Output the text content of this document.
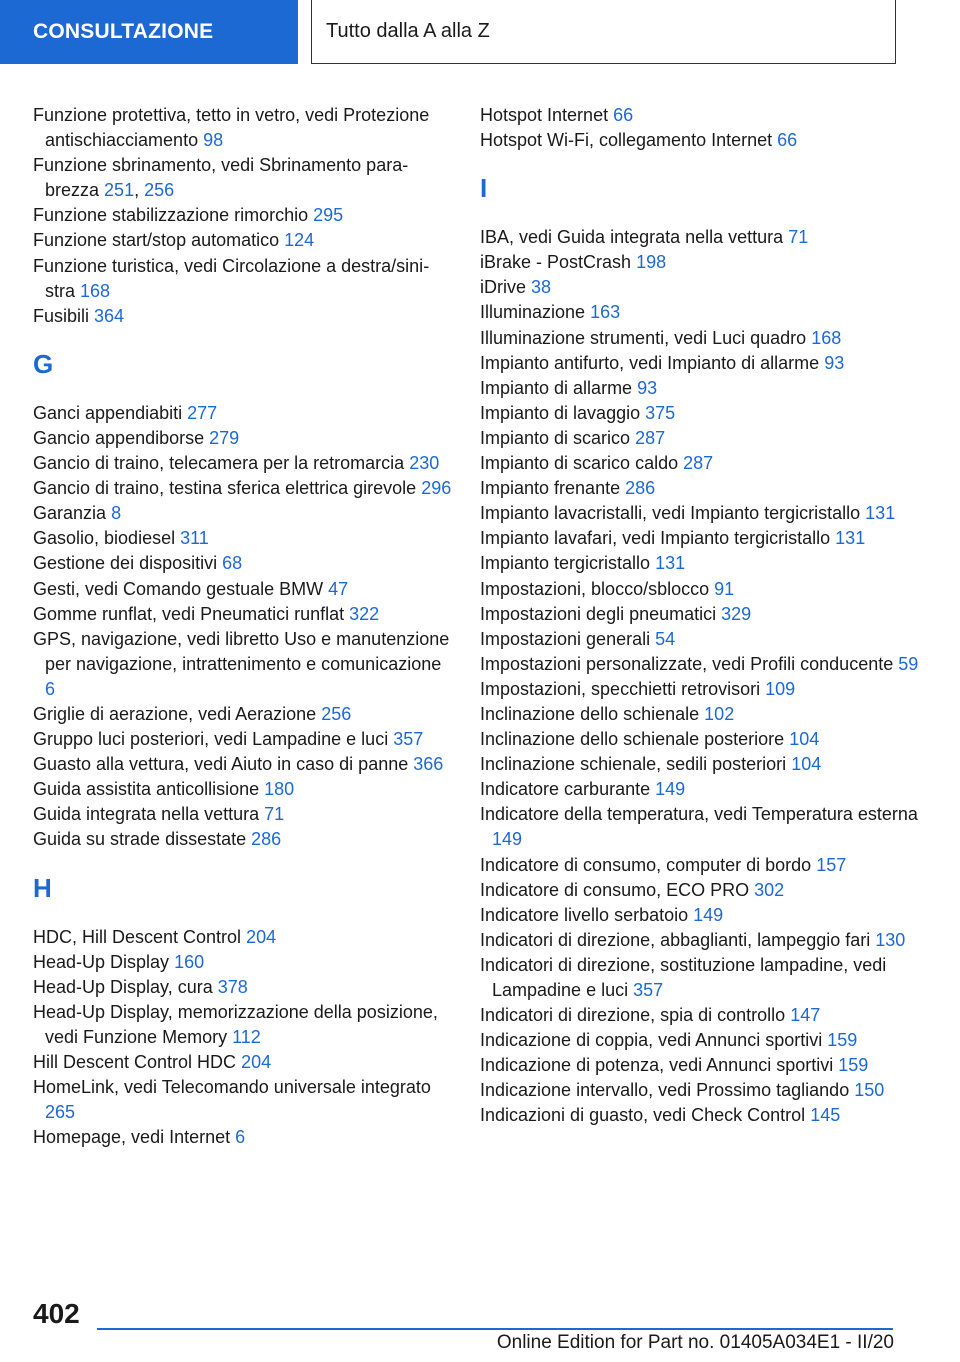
CONSULTAZIONE	Tutto dalla A alla Z
Funzione protettiva, tetto in vetro, vedi Protezione antischiacciamento 98
Funzione sbrinamento, vedi Sbrinamento parabrezza 251, 256
Funzione stabilizzazione rimorchio 295
Funzione start/stop automatico 124
Funzione turistica, vedi Circolazione a destra/sinistra 168
Fusibili 364
G
Ganci appendiabiti 277
Gancio appendiborse 279
Gancio di traino, telecamera per la retromarcia 230
Gancio di traino, testina sferica elettrica girevole 296
Garanzia 8
Gasolio, biodiesel 311
Gestione dei dispositivi 68
Gesti, vedi Comando gestuale BMW 47
Gomme runflat, vedi Pneumatici runflat 322
GPS, navigazione, vedi libretto Uso e manutenzione per navigazione, intrattenimento e comunicazione 6
Griglie di aerazione, vedi Aerazione 256
Gruppo luci posteriori, vedi Lampadine e luci 357
Guasto alla vettura, vedi Aiuto in caso di panne 366
Guida assistita anticollisione 180
Guida integrata nella vettura 71
Guida su strade dissestate 286
H
HDC, Hill Descent Control 204
Head-Up Display 160
Head-Up Display, cura 378
Head-Up Display, memorizzazione della posizione, vedi Funzione Memory 112
Hill Descent Control HDC 204
HomeLink, vedi Telecomando universale integrato 265
Homepage, vedi Internet 6
Hotspot Internet 66
Hotspot Wi-Fi, collegamento Internet 66
I
IBA, vedi Guida integrata nella vettura 71
iBrake - PostCrash 198
iDrive 38
Illuminazione 163
Illuminazione strumenti, vedi Luci quadro 168
Impianto antifurto, vedi Impianto di allarme 93
Impianto di allarme 93
Impianto di lavaggio 375
Impianto di scarico 287
Impianto di scarico caldo 287
Impianto frenante 286
Impianto lavacristalli, vedi Impianto tergicristallo 131
Impianto lavafari, vedi Impianto tergicristallo 131
Impianto tergicristallo 131
Impostazioni, blocco/sblocco 91
Impostazioni degli pneumatici 329
Impostazioni generali 54
Impostazioni personalizzate, vedi Profili conducente 59
Impostazioni, specchietti retrovisori 109
Inclinazione dello schienale 102
Inclinazione dello schienale posteriore 104
Inclinazione schienale, sedili posteriori 104
Indicatore carburante 149
Indicatore della temperatura, vedi Temperatura esterna 149
Indicatore di consumo, computer di bordo 157
Indicatore di consumo, ECO PRO 302
Indicatore livello serbatoio 149
Indicatori di direzione, abbaglianti, lampeggio fari 130
Indicatori di direzione, sostituzione lampadine, vedi Lampadine e luci 357
Indicatori di direzione, spia di controllo 147
Indicazione di coppia, vedi Annunci sportivi 159
Indicazione di potenza, vedi Annunci sportivi 159
Indicazione intervallo, vedi Prossimo tagliando 150
Indicazioni di guasto, vedi Check Control 145
402
Online Edition for Part no. 01405A034E1 - II/20
